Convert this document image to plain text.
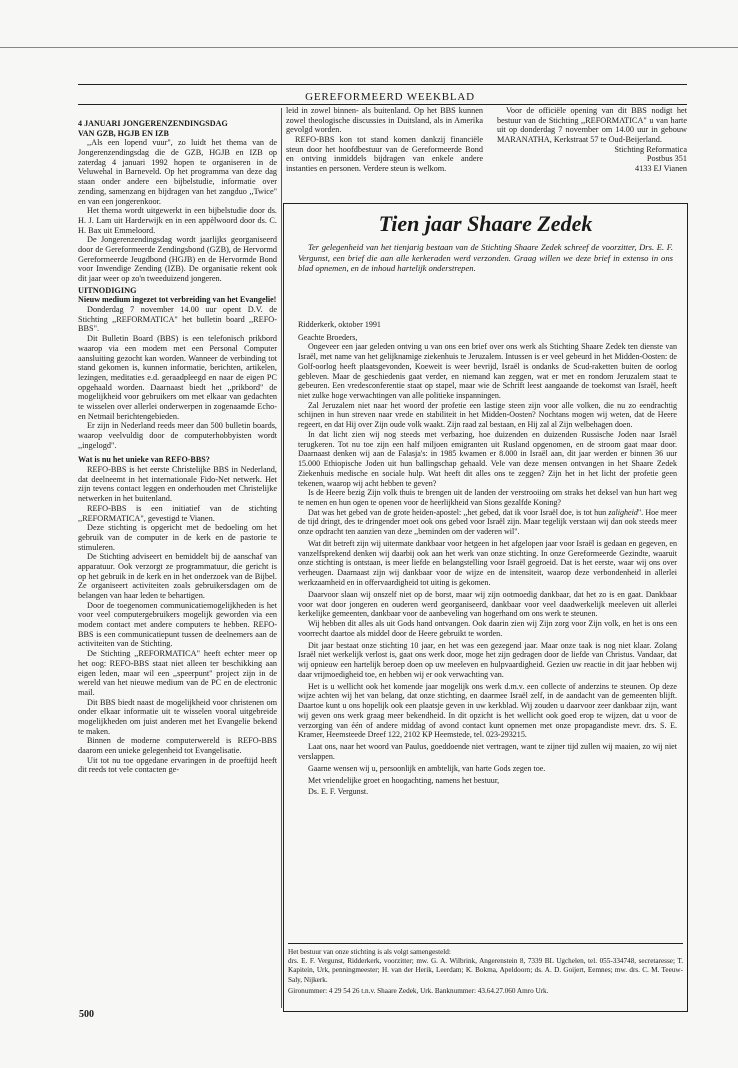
GEREFORMEERD WEEKBLAD

4 JANUARI JONGERENZENDINGSDAG

VAN GZB, HGJB EN IZB

,,Als een lopend vuur", zo luidt het thema van de Jongerenzendingsdag die de GZB, HGJB en IZB op zaterdag 4 januari 1992 hopen te organiseren in de Veluwehal in Barneveld. Op het programma van deze dag staan onder andere een bijbelstudie, informatie over zending, samenzang en bijdragen van het zangduo ,,Twice" en van een jongerenkoor.

Het thema wordt uitgewerkt in een bijbelstudie door ds. H. J. Lam uit Harderwijk en in een appèlwoord door ds. C. H. Bax uit Emmeloord.

De Jongerenzendingsdag wordt jaarlijks georganiseerd door de Gereformeerde Zendingsbond (GZB), de Hervormd Gereformeerde Jeugdbond (HGJB) en de Hervormde Bond voor Inwendige Zending (IZB). De organisatie rekent ook dit jaar weer op zo'n tweeduizend jongeren.

UITNODIGING

Nieuw medium ingezet tot verbreiding van het Evangelie!

Donderdag 7 november 14.00 uur opent D.V. de Stichting ,,REFORMATICA" het bulletin board ,,REFO-BBS".

Dit Bulletin Board (BBS) is een telefonisch prikbord waarop via een modem met een Personal Computer aansluiting gezocht kan worden. Wanneer de verbinding tot stand gekomen is, kunnen informatie, berichten, artikelen, lezingen, meditaties e.d. geraadpleegd en naar de eigen PC opgehaald worden. Daarnaast biedt het ,,prikbord" de mogelijkheid voor gebruikers om met elkaar van gedachten te wisselen over allerlei onderwerpen in zogenaamde Echo- en Netmail berichtengebieden.

Er zijn in Nederland reeds meer dan 500 bulletin boards, waarop veelvuldig door de computerhobbyisten wordt ,,ingelogd".

Wat is nu het unieke van REFO-BBS?

REFO-BBS is het eerste Christelijke BBS in Nederland, dat deelneemt in het internationale Fido-Net netwerk. Het zijn tevens contact leggen en onderhouden met Christelijke netwerken in het buitenland.

REFO-BBS is een initiatief van de stichting ,,REFORMATICA", gevestigd te Vianen.

Deze stichting is opgericht met de bedoeling om het gebruik van de computer in de kerk en de pastorie te stimuleren.

De Stichting adviseert en bemiddelt bij de aanschaf van apparatuur. Ook verzorgt ze programmatuur, die gericht is op het gebruik in de kerk en in het onderzoek van de Bijbel. Ze organiseert activiteiten zoals gebruikersdagen om de belangen van haar leden te behartigen.

Door de toegenomen communicatiemogelijkheden is het voor veel computergebruikers mogelijk geworden via een modem contact met andere computers te hebben. REFO-BBS is een communicatiepunt tussen de deelnemers aan de activiteiten van de Stichting.

De Stichting ,,REFORMATICA" heeft echter meer op het oog: REFO-BBS staat niet alleen ter beschikking aan eigen leden, maar wil een ,,speerpunt" project zijn in de wereld van het nieuwe medium van de PC en de electronic mail.

Dit BBS biedt naast de mogelijkheid voor christenen om onder elkaar informatie uit te wisselen vooral uitgebreide mogelijkheden om juist anderen met het Evangelie bekend te maken.

Binnen de moderne computerwereld is REFO-BBS daarom een unieke gelegenheid tot Evangelisatie.

Uit tot nu toe opgedane ervaringen in de proeftijd heeft dit reeds tot vele contacten ge-

leid in zowel binnen- als buitenland. Op het BBS kunnen zowel theologische discussies in Duitsland, als in Amerika gevolgd worden.

REFO-BBS kon tot stand komen dankzij financiële steun door het hoofdbestuur van de Gereformeerde Bond en ontving inmiddels bijdragen van enkele andere instanties en personen. Verdere steun is welkom.

Voor de officiële opening van dit BBS nodigt het bestuur van de Stichting ,,REFORMATICA" u van harte uit op donderdag 7 november om 14.00 uur in gebouw MARANATHA, Kerkstraat 57 te Oud-Beijerland.

Stichting Reformatica
Postbus 351
4133 EJ Vianen
Tien jaar Shaare Zedek

Ter gelegenheid van het tienjarig bestaan van de Stichting Shaare Zedek schreef de voorzitter, Drs. E. F. Vergunst, een brief die aan alle kerkeraden werd verzonden. Graag willen we deze brief in extenso in ons blad opnemen, en de inhoud hartelijk onderstrepen.

Ridderkerk, oktober 1991

Geachte Broeders,

Ongeveer een jaar geleden ontving u van ons een brief over ons werk als Stichting Shaare Zedek ten dienste van Israël, met name van het gelijknamige ziekenhuis te Jeruzalem. Intussen is er veel gebeurd in het Midden-Oosten: de Golf-oorlog heeft plaatsgevonden, Koeweit is weer bevrijd, Israël is ondanks de Scud-raketten buiten de oorlog gebleven. Maar de geschiedenis gaat verder, en niemand kan zeggen, wat er met en rondom Jeruzalem staat te gebeuren. Een vredesconferentie staat op stapel, maar wie de Schrift leest aangaande de toekomst van Israël, heeft niet zulke hoge verwachtingen van alle politieke inspanningen.

Zal Jeruzalem niet naar het woord der profetie een lastige steen zijn voor alle volken, die nu zo eendrachtig schijnen in hun streven naar vrede en stabiliteit in het Midden-Oosten? Nochtans mogen wij weten, dat de Heere regeert, en dat Hij over Zijn oude volk waakt. Zijn raad zal bestaan, en Hij zal al Zijn welbehagen doen.

In dat licht zien wij nog steeds met verbazing, hoe duizenden en duizenden Russische Joden naar Israël terugkeren. Tot nu toe zijn een half miljoen emigranten uit Rusland opgenomen, en de stroom gaat maar door. Daarnaast denken wij aan de Falasja's: in 1985 kwamen er 8.000 in Israël aan, dit jaar werden er binnen 36 uur 15.000 Ethiopische Joden uit hun ballingschap gehaald. Vele van deze mensen ontvangen in het Shaare Zedek Ziekenhuis medische en sociale hulp. Wat heeft dit alles ons te zeggen? Zijn het in het licht der profetie geen tekenen, waarop wij acht hebben te geven?

Is de Heere bezig Zijn volk thuis te brengen uit de landen der verstrooiing om straks het deksel van hun hart weg te nemen en hun ogen te openen voor de heerlijkheid van Sions gezalfde Koning?

Dat was het gebed van de grote heiden-apostel: ,,het gebed, dat ik voor Israël doe, is tot hun zaligheid". Hoe meer de tijd dringt, des te dringender moet ook ons gebed voor Israël zijn. Maar tegelijk verstaan wij dan ook steeds meer onze opdracht ten aanzien van deze ,,beminden om der vaderen wil".

Wat dit betreft zijn wij uitermate dankbaar voor hetgeen in het afgelopen jaar voor Israël is gedaan en gegeven, en vanzelfsprekend denken wij daarbij ook aan het werk van onze stichting. In onze Gereformeerde Gezindte, waaruit onze stichting is ontstaan, is meer liefde en belangstelling voor Israël gegroeid. Dat is het eerste, waar wij ons over verheugen. Daarnaast zijn wij dankbaar voor de wijze en de intensiteit, waarop deze verbondenheid in allerlei werkzaamheid en in offervaardigheid tot uiting is gekomen.

Daarvoor slaan wij onszelf niet op de borst, maar wij zijn ootmoedig dankbaar, dat het zo is en gaat. Dankbaar voor wat door jongeren en ouderen werd georganiseerd, dankbaar voor veel daadwerkelijk meeleven uit allerlei kerkelijke gemeenten, dankbaar voor de aanbeveling van hogerhand om ons werk te steunen.

Wij hebben dit alles als uit Gods hand ontvangen. Ook daarin zien wij Zijn zorg voor Zijn volk, en het is ons een voorrecht daartoe als middel door de Heere gebruikt te worden.

Dit jaar bestaat onze stichting 10 jaar, en het was een gezegend jaar. Maar onze taak is nog niet klaar. Zolang Israël niet werkelijk verlost is, gaat ons werk door, moge het zijn gedragen door de liefde van Christus. Vandaar, dat wij opnieuw een hartelijk beroep doen op uw meeleven en hulpvaardigheid. Gezien uw reactie in dit jaar hebben wij daar vrijmoedigheid toe, en hebben wij er ook verwachting van.

Het is u wellicht ook het komende jaar mogelijk ons werk d.m.v. een collecte of anderzins te steunen. Op deze wijze achten wij het van belang, dat onze stichting, en daarmee Israël zelf, in de aandacht van de gemeenten blijft. Daartoe kunt u ons hopelijk ook een plaatsje geven in uw kerkblad. Wij zouden u daarvoor zeer dankbaar zijn, want wij geven ons werk graag meer bekendheid. In dit opzicht is het wellicht ook goed erop te wijzen, dat u voor de verzorging van één of andere middag of avond contact kunt opnemen met onze propagandiste mevr. drs. S. E. Kramer, Heemsteede Dreef 122, 2102 KP Heemstede, tel. 023-293215.

Laat ons, naar het woord van Paulus, goeddoende niet vertragen, want te zijner tijd zullen wij maaien, zo wij niet verslappen.

Gaarne wensen wij u, persoonlijk en ambtelijk, van harte Gods zegen toe.

Met vriendelijke groet en hoogachting, namens het bestuur,

Ds. E. F. Vergunst.

Het bestuur van onze stichting is als volgt samengesteld:

drs. E. F. Vergunst, Ridderkerk, voorzitter; mw. G. A. Wilbrink, Angerenstein 8, 7339 BL Ugchelen, tel. 055-334748, secretaresse; T. Kapitein, Urk, penningmeester; H. van der Herik, Leerdam; K. Bokma, Apeldoorn; ds. A. D. Goijert, Eemnes; mw. drs. C. M. Teeuw-Saly, Nijkerk.

Gironummer: 4 29 54 26 t.n.v. Shaare Zedek, Urk. Banknummer: 43.64.27.060 Amro Urk.

500
